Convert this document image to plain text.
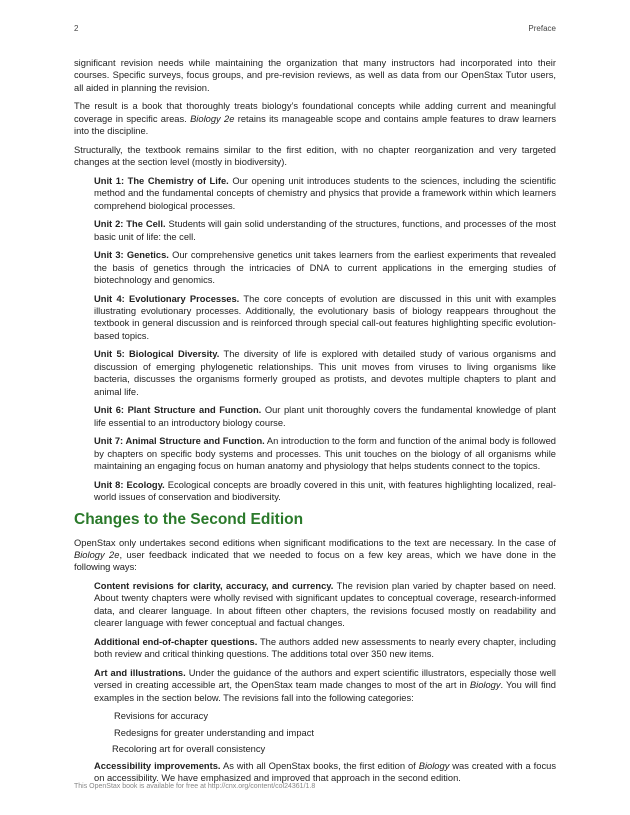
2	Preface

significant revision needs while maintaining the organization that many instructors had incorporated into their courses. Specific surveys, focus groups, and pre-revision reviews, as well as data from our OpenStax Tutor users, all aided in planning the revision.

The result is a book that thoroughly treats biology’s foundational concepts while adding current and meaningful coverage in specific areas. Biology 2e retains its manageable scope and contains ample features to draw learners into the discipline.

Structurally, the textbook remains similar to the first edition, with no chapter reorganization and very targeted changes at the section level (mostly in biodiversity).

Unit 1: The Chemistry of Life. Our opening unit introduces students to the sciences, including the scientific method and the fundamental concepts of chemistry and physics that provide a framework within which learners comprehend biological processes.

Unit 2: The Cell. Students will gain solid understanding of the structures, functions, and processes of the most basic unit of life: the cell.

Unit 3: Genetics. Our comprehensive genetics unit takes learners from the earliest experiments that revealed the basis of genetics through the intricacies of DNA to current applications in the emerging studies of biotechnology and genomics.

Unit 4: Evolutionary Processes. The core concepts of evolution are discussed in this unit with examples illustrating evolutionary processes. Additionally, the evolutionary basis of biology reappears throughout the textbook in general discussion and is reinforced through special call-out features highlighting specific evolution-based topics.

Unit 5: Biological Diversity. The diversity of life is explored with detailed study of various organisms and discussion of emerging phylogenetic relationships. This unit moves from viruses to living organisms like bacteria, discusses the organisms formerly grouped as protists, and devotes multiple chapters to plant and animal life.

Unit 6: Plant Structure and Function. Our plant unit thoroughly covers the fundamental knowledge of plant life essential to an introductory biology course.

Unit 7: Animal Structure and Function. An introduction to the form and function of the animal body is followed by chapters on specific body systems and processes. This unit touches on the biology of all organisms while maintaining an engaging focus on human anatomy and physiology that helps students connect to the topics.

Unit 8: Ecology. Ecological concepts are broadly covered in this unit, with features highlighting localized, real-world issues of conservation and biodiversity.

Changes to the Second Edition

OpenStax only undertakes second editions when significant modifications to the text are necessary. In the case of Biology 2e, user feedback indicated that we needed to focus on a few key areas, which we have done in the following ways:

Content revisions for clarity, accuracy, and currency. The revision plan varied by chapter based on need. About twenty chapters were wholly revised with significant updates to conceptual coverage, research-informed data, and clearer language. In about fifteen other chapters, the revisions focused mostly on readability and clearer language with fewer conceptual and factual changes.

Additional end-of-chapter questions. The authors added new assessments to nearly every chapter, including both review and critical thinking questions. The additions total over 350 new items.

Art and illustrations. Under the guidance of the authors and expert scientific illustrators, especially those well versed in creating accessible art, the OpenStax team made changes to most of the art in Biology. You will find examples in the section below. The revisions fall into the following categories:

Revisions for accuracy

Redesigns for greater understanding and impact

Recoloring art for overall consistency

Accessibility improvements. As with all OpenStax books, the first edition of Biology was created with a focus on accessibility. We have emphasized and improved that approach in the second edition.

This OpenStax book is available for free at http://cnx.org/content/col24361/1.8
